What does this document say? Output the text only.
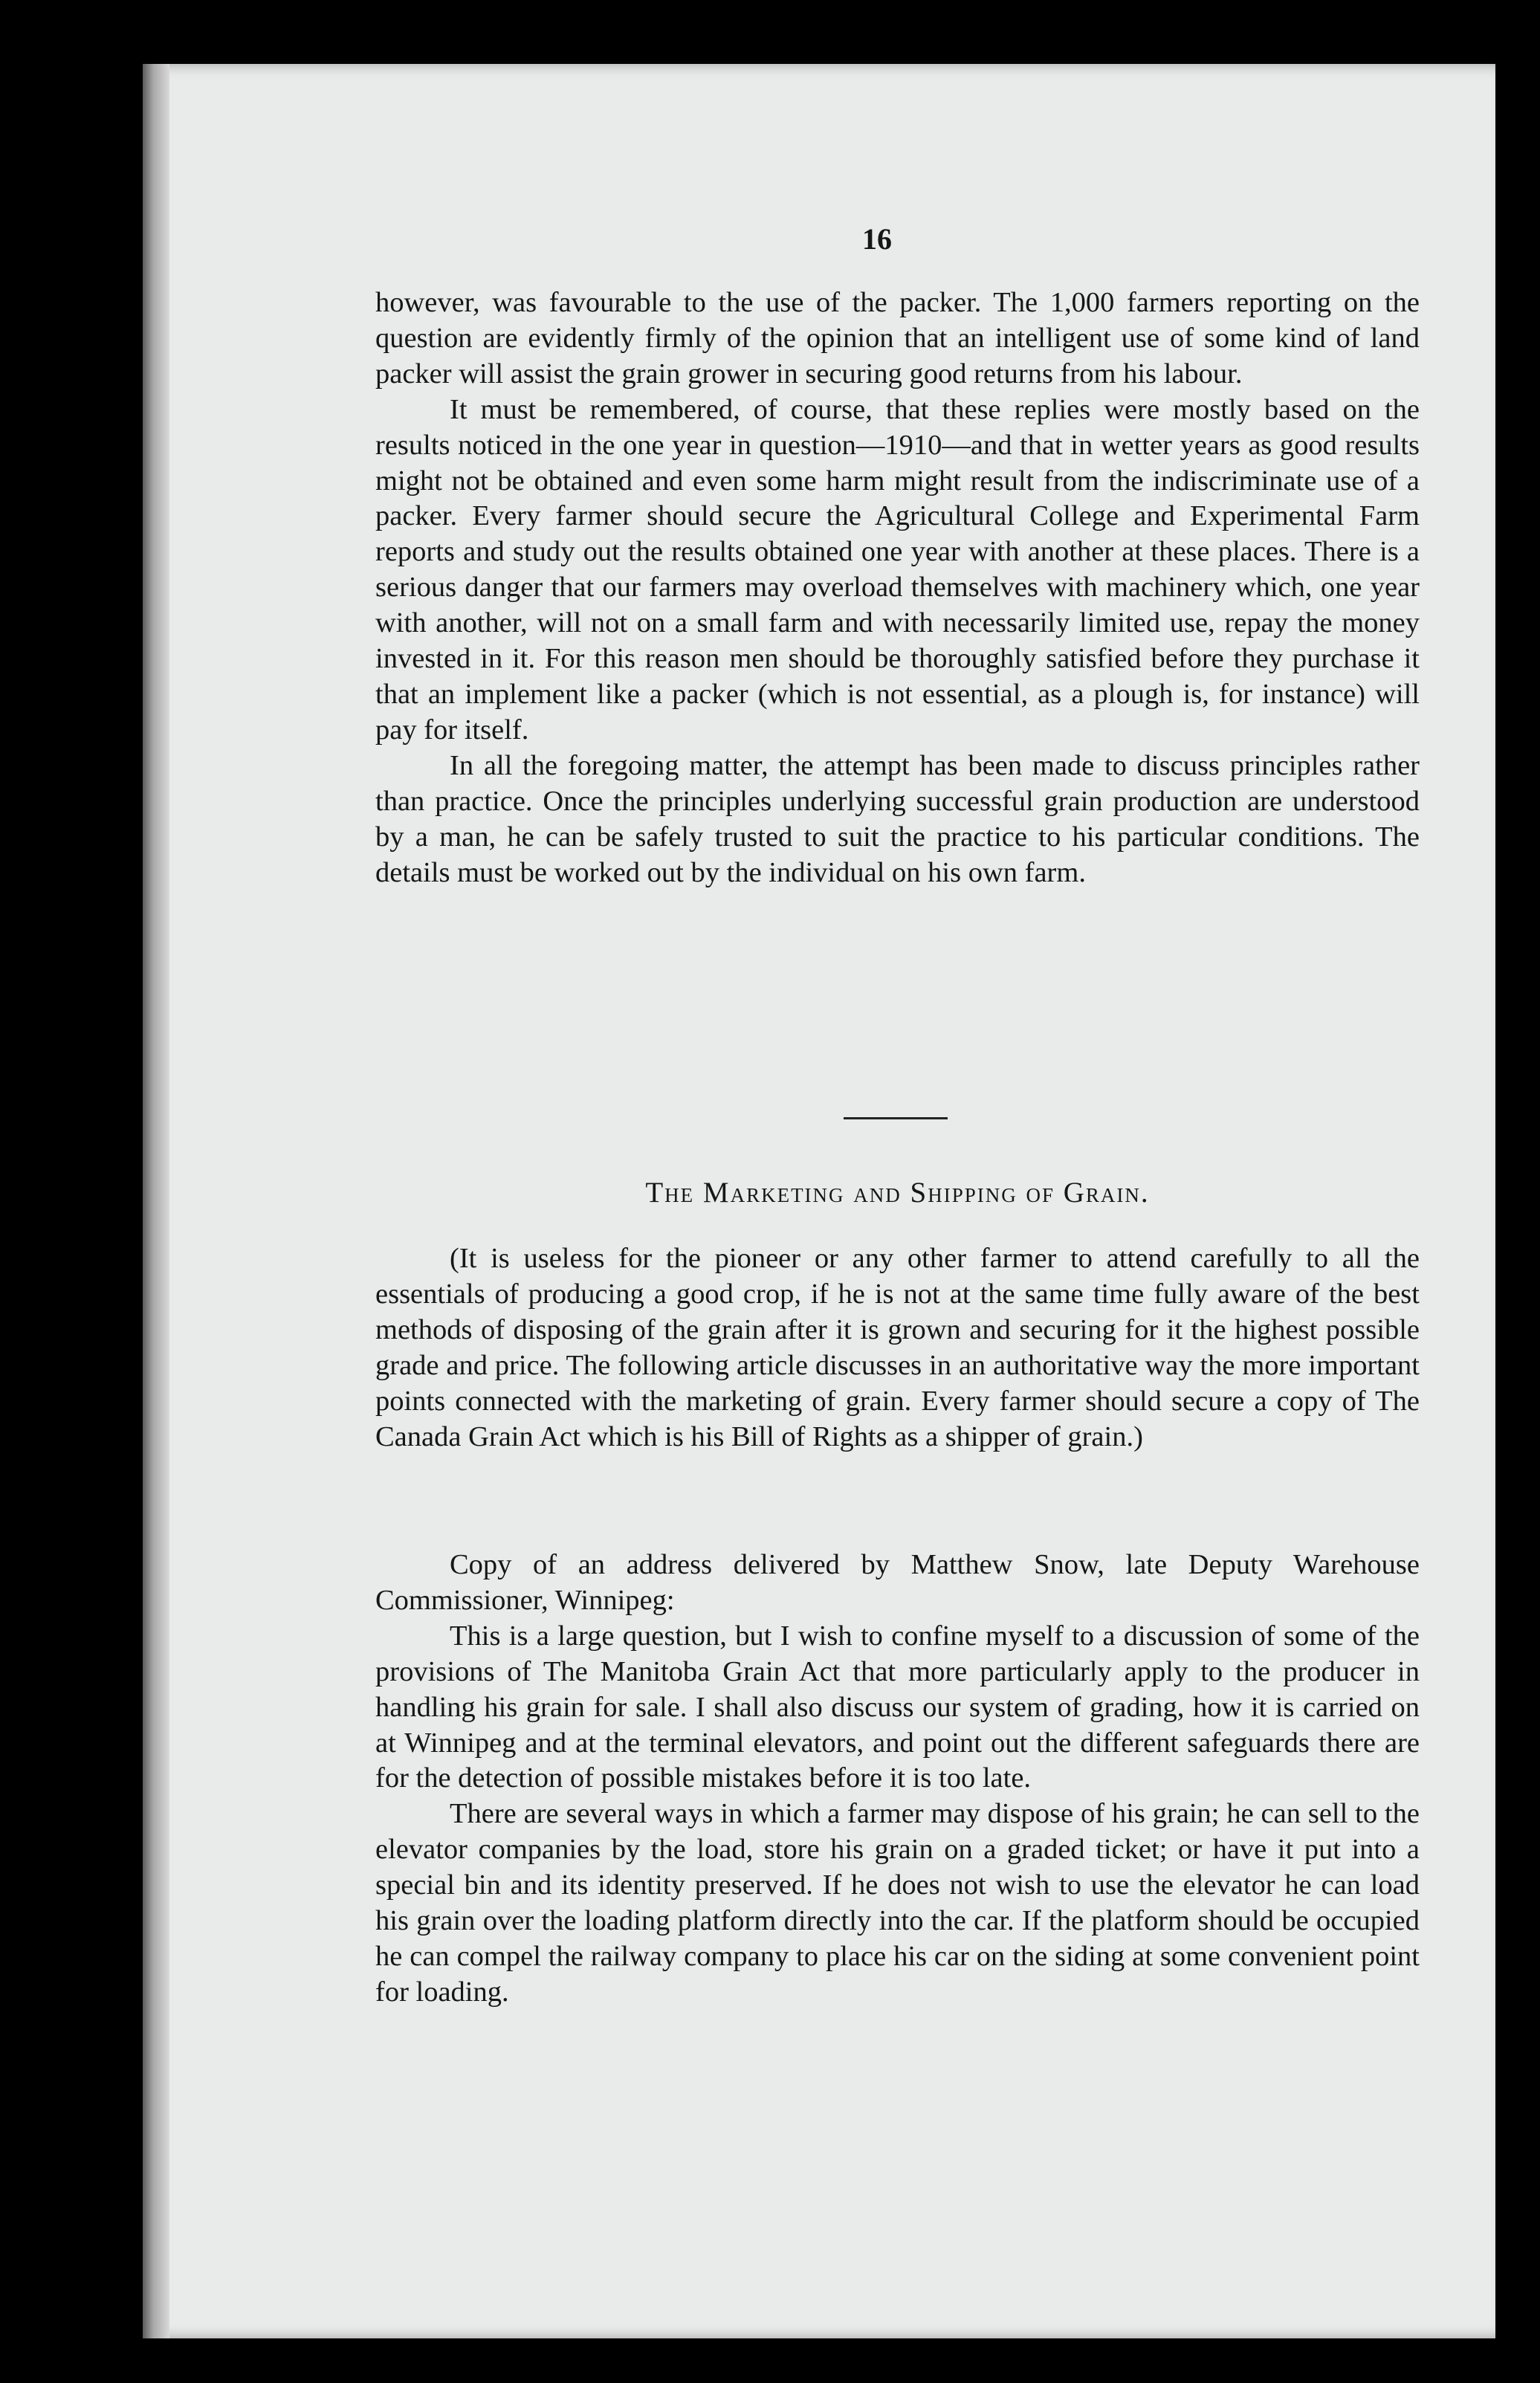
16

however, was favourable to the use of the packer. The 1,000 farmers reporting on the question are evidently firmly of the opinion that an intelligent use of some kind of land packer will assist the grain grower in securing good returns from his labour.

It must be remembered, of course, that these replies were mostly based on the results noticed in the one year in question—1910—and that in wetter years as good results might not be obtained and even some harm might result from the indiscriminate use of a packer. Every farmer should secure the Agricultural College and Experimental Farm reports and study out the results obtained one year with another at these places. There is a serious danger that our farmers may overload themselves with machinery which, one year with another, will not on a small farm and with necessarily limited use, repay the money invested in it. For this reason men should be thoroughly satisfied before they purchase it that an implement like a packer (which is not essential, as a plough is, for instance) will pay for itself.

In all the foregoing matter, the attempt has been made to discuss principles rather than practice. Once the principles underlying successful grain production are understood by a man, he can be safely trusted to suit the practice to his particular conditions. The details must be worked out by the individual on his own farm.

The Marketing and Shipping of Grain.

(It is useless for the pioneer or any other farmer to attend carefully to all the essentials of producing a good crop, if he is not at the same time fully aware of the best methods of disposing of the grain after it is grown and securing for it the highest possible grade and price. The following article discusses in an authoritative way the more important points connected with the marketing of grain. Every farmer should secure a copy of The Canada Grain Act which is his Bill of Rights as a shipper of grain.)

Copy of an address delivered by Matthew Snow, late Deputy Warehouse Commissioner, Winnipeg:

This is a large question, but I wish to confine myself to a discussion of some of the provisions of The Manitoba Grain Act that more particularly apply to the producer in handling his grain for sale. I shall also discuss our system of grading, how it is carried on at Winnipeg and at the terminal elevators, and point out the different safeguards there are for the detection of possible mistakes before it is too late.

There are several ways in which a farmer may dispose of his grain; he can sell to the elevator companies by the load, store his grain on a graded ticket; or have it put into a special bin and its identity preserved. If he does not wish to use the elevator he can load his grain over the loading platform directly into the car. If the platform should be occupied he can compel the railway company to place his car on the siding at some convenient point for loading.
